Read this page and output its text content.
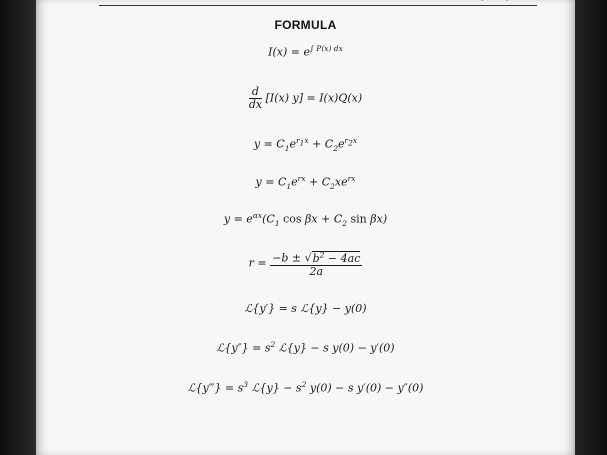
FORMULA
$I(x) = e^{\int P(x) dx}$
$\frac{d}{dx} [I(x) y] = I(x)Q(x)$
$y = C_1e^{r_1x} + C_2e^{r_2x}$
$y = C_1e^{rx} + C_2xe^{rx}$
$y = e^{\alpha x}(C_1$ $\cos \beta x + C_2$ sin βx)
$r = \frac{-b \pm √b^2 - 4ac}{2a}$
ℒ{y′} = s ℒ{y} − y(0)
ℒ{y″} = $s^2$ ℒ{y} − s y(0) − y′(0)
ℒ{y‴} = $s^3$ ℒ{y} − $s^2$ y(0) − s y′(0) − y″(0)
